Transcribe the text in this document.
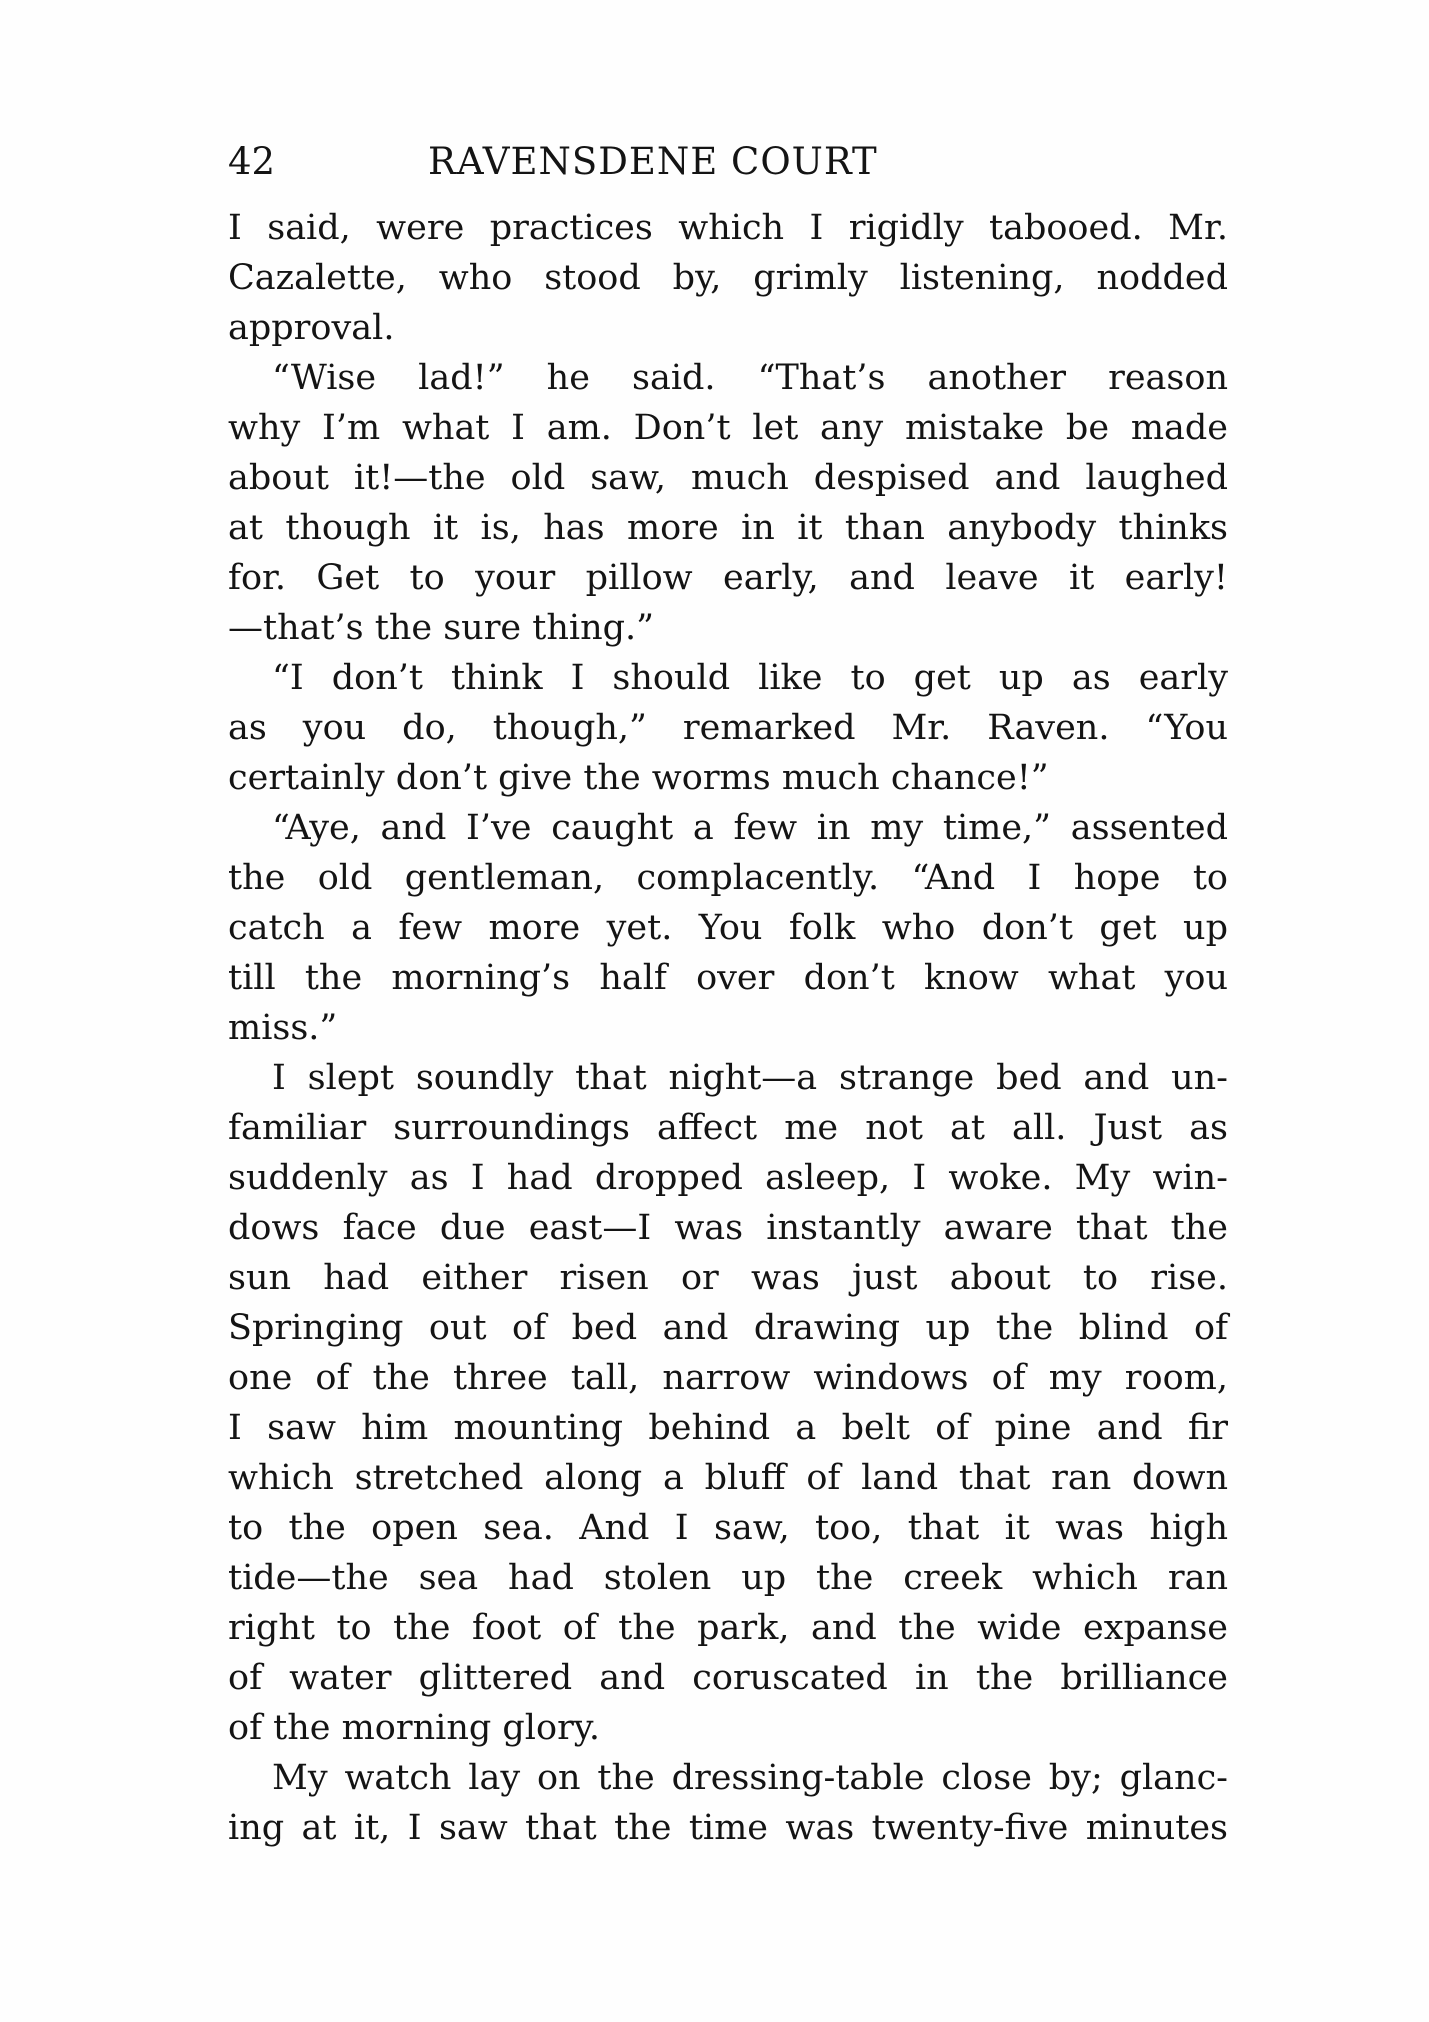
42	RAVENSDENE COURT
I said, were practices which I rigidly tabooed. Mr.
Cazalette, who stood by, grimly listening, nodded
approval.
“Wise lad!” he said. “That’s another reason
why I’m what I am. Don’t let any mistake be made
about it!—the old saw, much despised and laughed
at though it is, has more in it than anybody thinks
for. Get to your pillow early, and leave it early!
—that’s the sure thing.”
“I don’t think I should like to get up as early
as you do, though,” remarked Mr. Raven. “You
certainly don’t give the worms much chance!”
“Aye, and I’ve caught a few in my time,” assented
the old gentleman, complacently. “And I hope to
catch a few more yet. You folk who don’t get up
till the morning’s half over don’t know what you
miss.”
I slept soundly that night—a strange bed and un-
familiar surroundings affect me not at all. Just as
suddenly as I had dropped asleep, I woke. My win-
dows face due east—I was instantly aware that the
sun had either risen or was just about to rise.
Springing out of bed and drawing up the blind of
one of the three tall, narrow windows of my room,
I saw him mounting behind a belt of pine and fir
which stretched along a bluff of land that ran down
to the open sea. And I saw, too, that it was high
tide—the sea had stolen up the creek which ran
right to the foot of the park, and the wide expanse
of water glittered and coruscated in the brilliance
of the morning glory.
My watch lay on the dressing-table close by; glanc-
ing at it, I saw that the time was twenty-five minutes
